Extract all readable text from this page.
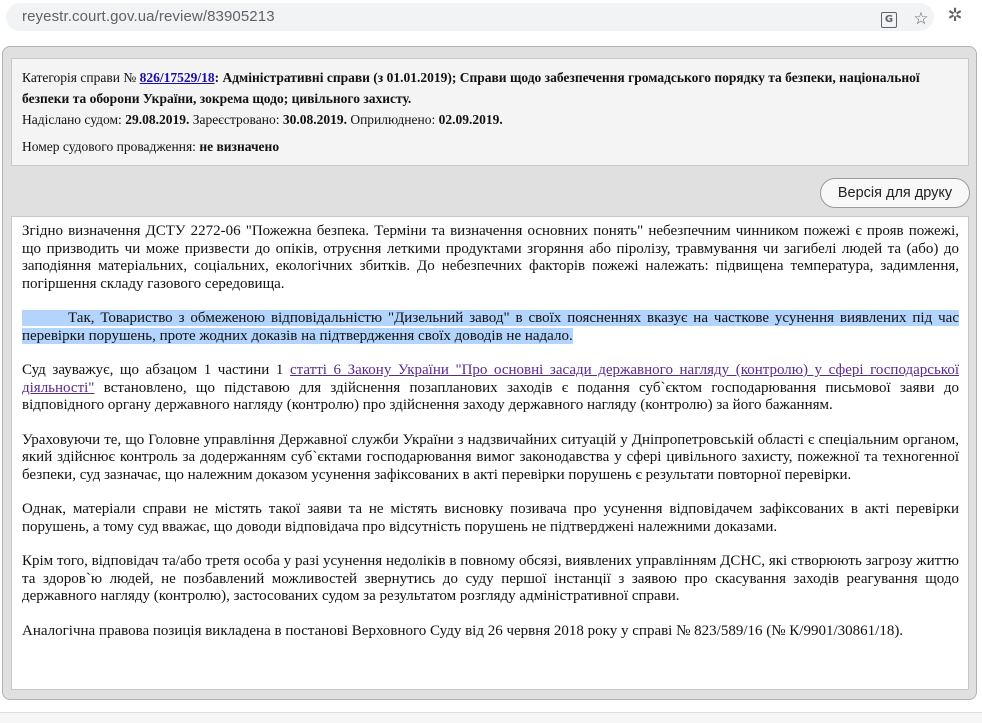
reyestr.court.gov.ua/review/83905213	G ☆ ✲

Категорія справи № 826/17529/18: Адміністративні справи (з 01.01.2019); Справи щодо забезпечення громадського порядку та безпеки, національної безпеки та оборони України, зокрема щодо; цивільного захисту.

Надіслано судом: 29.08.2019. Зареєстровано: 30.08.2019. Оприлюднено: 02.09.2019.

Номер судового провадження: не визначено

Версія для друку

Згідно визначення ДСТУ 2272-06 "Пожежна безпека. Терміни та визначення основних понять" небезпечним чинником пожежі є прояв пожежі, що призводить чи може призвести до опіків, отруєння леткими продуктами згоряння або піролізу, травмування чи загибелі людей та (або) до заподіяння матеріальних, соціальних, екологічних збитків. До небезпечних факторів пожежі належать: підвищена температура, задимлення, погіршення складу газового середовища.

Так, Товариство з обмеженою відповідальністю "Дизельний завод" в своїх поясненнях вказує на часткове усунення виявлених під час перевірки порушень, проте жодних доказів на підтвердження своїх доводів не надало.

Суд зауважує, що абзацом 1 частини 1 статті 6 Закону України "Про основні засади державного нагляду (контролю) у сфері господарської діяльності" встановлено, що підставою для здійснення позапланових заходів є подання суб`єктом господарювання письмової заяви до відповідного органу державного нагляду (контролю) про здійснення заходу державного нагляду (контролю) за його бажанням.

Ураховуючи те, що Головне управління Державної служби України з надзвичайних ситуацій у Дніпропетровській області є спеціальним органом, який здійснює контроль за додержанням суб`єктами господарювання вимог законодавства у сфері цивільного захисту, пожежної та техногенної безпеки, суд зазначає, що належним доказом усунення зафіксованих в акті перевірки порушень є результати повторної перевірки.

Однак, матеріали справи не містять такої заяви та не містять висновку позивача про усунення відповідачем зафіксованих в акті перевірки порушень, а тому суд вважає, що доводи відповідача про відсутність порушень не підтверджені належними доказами.

Крім того, відповідач та/або третя особа у разі усунення недоліків в повному обсязі, виявлених управлінням ДСНС, які створюють загрозу життю та здоров`ю людей, не позбавлений можливостей звернутись до суду першої інстанції з заявою про скасування заходів реагування щодо державного нагляду (контролю), застосованих судом за результатом розгляду адміністративної справи.

Аналогічна правова позиція викладена в постанові Верховного Суду від 26 червня 2018 року у справі № 823/589/16 (№ К/9901/30861/18).
